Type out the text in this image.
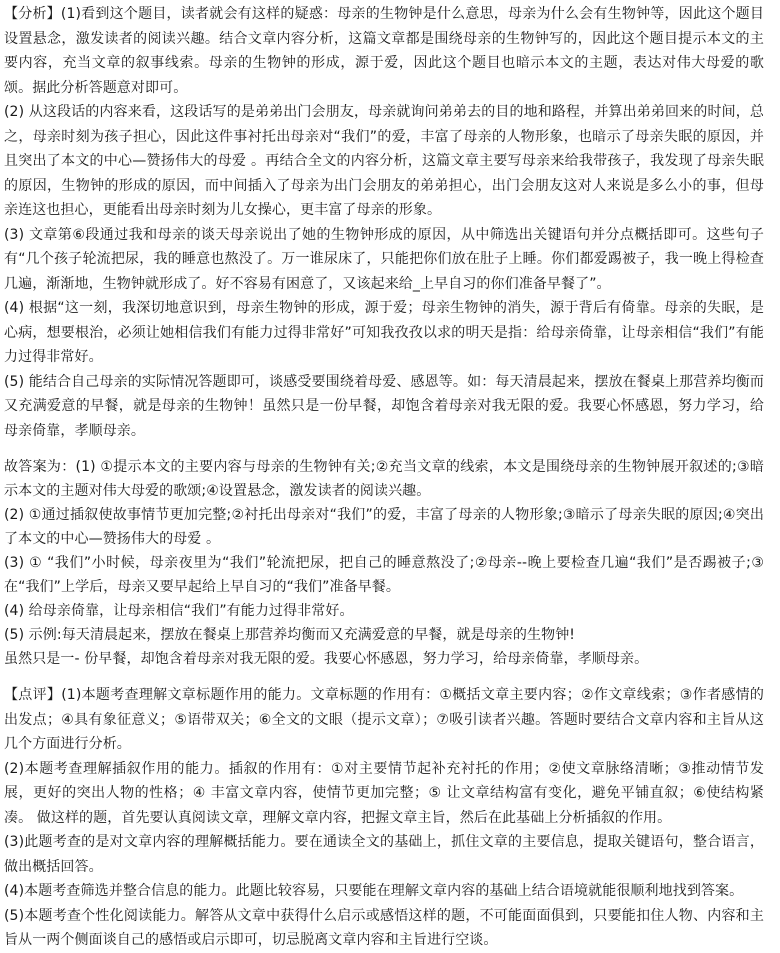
【分析】(1)看到这个题目，读者就会有这样的疑惑：母亲的生物钟是什么意思，母亲为什么会有生物钟等，因此这个题目设置悬念，激发读者的阅读兴趣。结合文章内容分析，这篇文章都是围绕母亲的生物钟写的，因此这个题目提示本文的主要内容，充当文章的叙事线索。母亲的生物钟的形成，源于爱，因此这个题目也暗示本文的主题，表达对伟大母爱的歌颂。据此分析答题意对即可。

(2) 从这段话的内容来看，这段话写的是弟弟出门会朋友，母亲就询问弟弟去的目的地和路程，并算出弟弟回来的时间，总之，母亲时刻为孩子担心，因此这件事衬托出母亲对“我们”的爱，丰富了母亲的人物形象，也暗示了母亲失眠的原因，并且突出了本文的中心—赞扬伟大的母爱 。再结合全文的内容分析，这篇文章主要写母亲来给我带孩子，我发现了母亲失眠的原因，生物钟的形成的原因，而中间插入了母亲为出门会朋友的弟弟担心，出门会朋友这对人来说是多么小的事，但母亲连这也担心，更能看出母亲时刻为儿女操心，更丰富了母亲的形象。

(3) 文章第⑥段通过我和母亲的谈天母亲说出了她的生物钟形成的原因，从中筛选出关键语句并分点概括即可。这些句子有“几个孩子轮流把尿，我的睡意也熬没了。万一谁尿床了，只能把你们放在肚子上睡。你们都爱踢被子，我一晚上得检查几遍，渐渐地，生物钟就形成了。好不容易有困意了，又该起来给_上早自习的你们准备早餐了”。

(4) 根据“这一刻，我深切地意识到，母亲生物钟的形成，源于爱；母亲生物钟的消失，源于背后有倚靠。母亲的失眠，是心病，想要根治，必须让她相信我们有能力过得非常好”可知我孜孜以求的明天是指：给母亲倚靠，让母亲相信“我们”有能力过得非常好。

(5) 能结合自己母亲的实际情况答题即可，谈感受要围绕着母爱、感恩等。如：每天清晨起来，摆放在餐桌上那营养均衡而又充满爱意的早餐，就是母亲的生物钟！虽然只是一份早餐，却饱含着母亲对我无限的爱。我要心怀感恩，努力学习，给母亲倚靠，孝顺母亲。

故答案为：(1) ①提示本文的主要内容与母亲的生物钟有关;②充当文章的线索，本文是围绕母亲的生物钟展开叙述的;③暗示本文的主题对伟大母爱的歌颂;④设置悬念，激发读者的阅读兴趣。

(2) ①通过插叙使故事情节更加完整;②衬托出母亲对“我们”的爱，丰富了母亲的人物形象;③暗示了母亲失眠的原因;④突出了本文的中心—赞扬伟大的母爱 。

(3) ① “我们”小时候，母亲夜里为“我们”轮流把尿，把自己的睡意熬没了;②母亲--晚上要检查几遍“我们”是否踢被子;③在“我们”上学后，母亲又要早起给上早自习的“我们”准备早餐。

(4) 给母亲倚靠，让母亲相信“我们”有能力过得非常好。

(5) 示例:每天清晨起来，摆放在餐桌上那营养均衡而又充满爱意的早餐，就是母亲的生物钟!

虽然只是一- 份早餐，却饱含着母亲对我无限的爱。我要心怀感恩，努力学习，给母亲倚靠，孝顺母亲。

【点评】(1)本题考查理解文章标题作用的能力。文章标题的作用有：①概括文章主要内容；②作文章线索；③作者感情的出发点；④具有象征意义；⑤语带双关；⑥全文的文眼（提示文章）；⑦吸引读者兴趣。答题时要结合文章内容和主旨从这几个方面进行分析。

(2)本题考查理解插叙作用的能力。插叙的作用有：①对主要情节起补充衬托的作用；②使文章脉络清晰；③推动情节发展，更好的突出人物的性格；④ 丰富文章内容，使情节更加完整；⑤ 让文章结构富有变化，避免平铺直叙；⑥使结构紧凑。 做这样的题，首先要认真阅读文章，理解文章内容，把握文章主旨，然后在此基础上分析插叙的作用。

(3)此题考查的是对文章内容的理解概括能力。要在通读全文的基础上，抓住文章的主要信息，提取关键语句，整合语言，做出概括回答。

(4)本题考查筛选并整合信息的能力。此题比较容易，只要能在理解文章内容的基础上结合语境就能很顺利地找到答案。

(5)本题考查个性化阅读能力。解答从文章中获得什么启示或感悟这样的题，不可能面面俱到，只要能扣住人物、内容和主旨从一两个侧面谈自己的感悟或启示即可，切忌脱离文章内容和主旨进行空谈。
